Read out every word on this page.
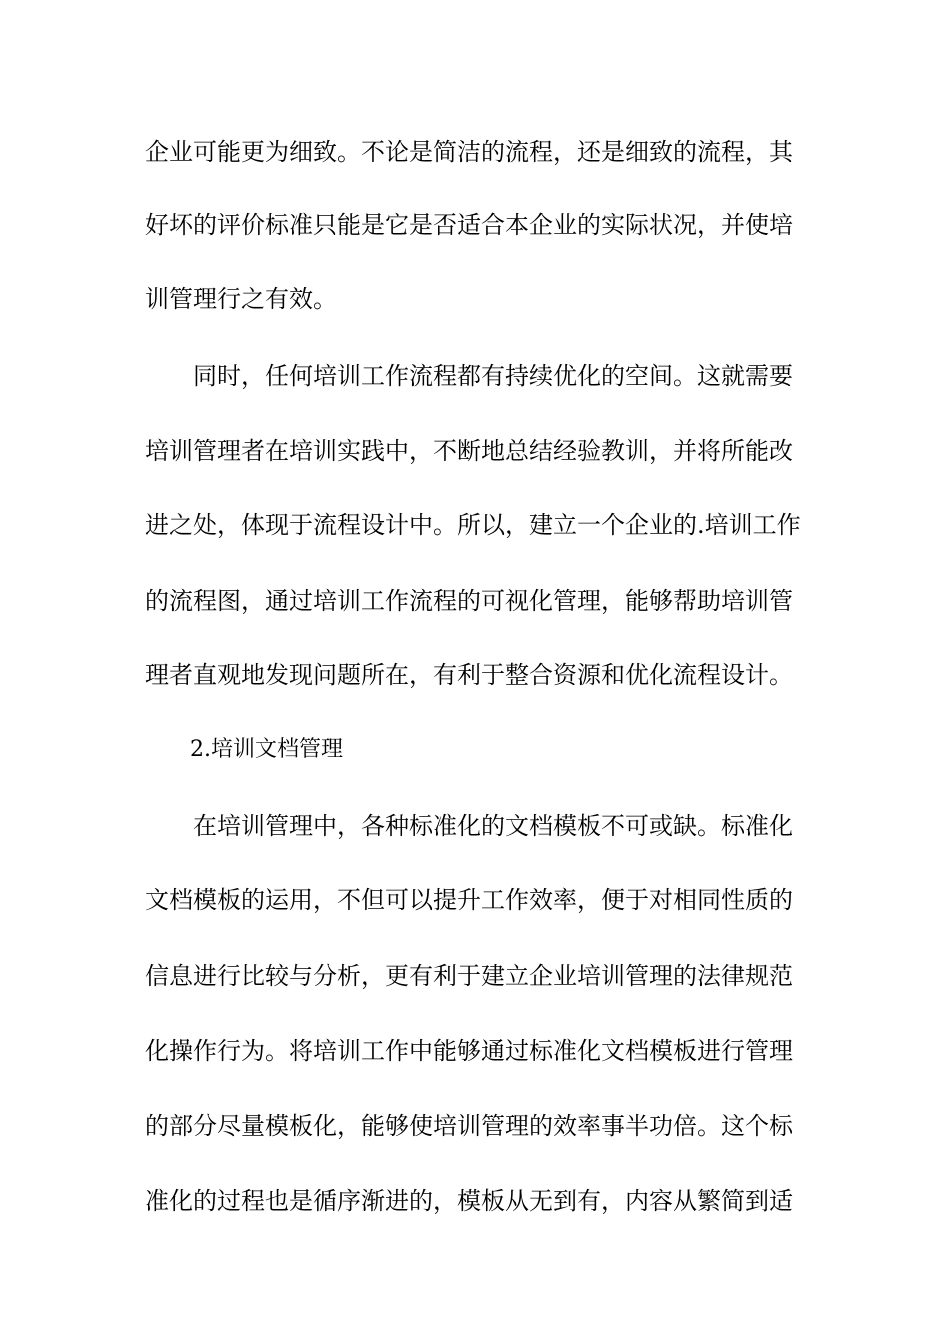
企业可能更为细致。不论是简洁的流程，还是细致的流程，其
好坏的评价标准只能是它是否适合本企业的实际状况，并使培
训管理行之有效。
同时，任何培训工作流程都有持续优化的空间。这就需要
培训管理者在培训实践中，不断地总结经验教训，并将所能改
进之处，体现于流程设计中。所以，建立一个企业的.培训工作
的流程图，通过培训工作流程的可视化管理，能够帮助培训管
理者直观地发现问题所在，有利于整合资源和优化流程设计。
2.培训文档管理
在培训管理中，各种标准化的文档模板不可或缺。标准化
文档模板的运用，不但可以提升工作效率，便于对相同性质的
信息进行比较与分析，更有利于建立企业培训管理的法律规范
化操作行为。将培训工作中能够通过标准化文档模板进行管理
的部分尽量模板化，能够使培训管理的效率事半功倍。这个标
准化的过程也是循序渐进的，模板从无到有，内容从繁简到适
